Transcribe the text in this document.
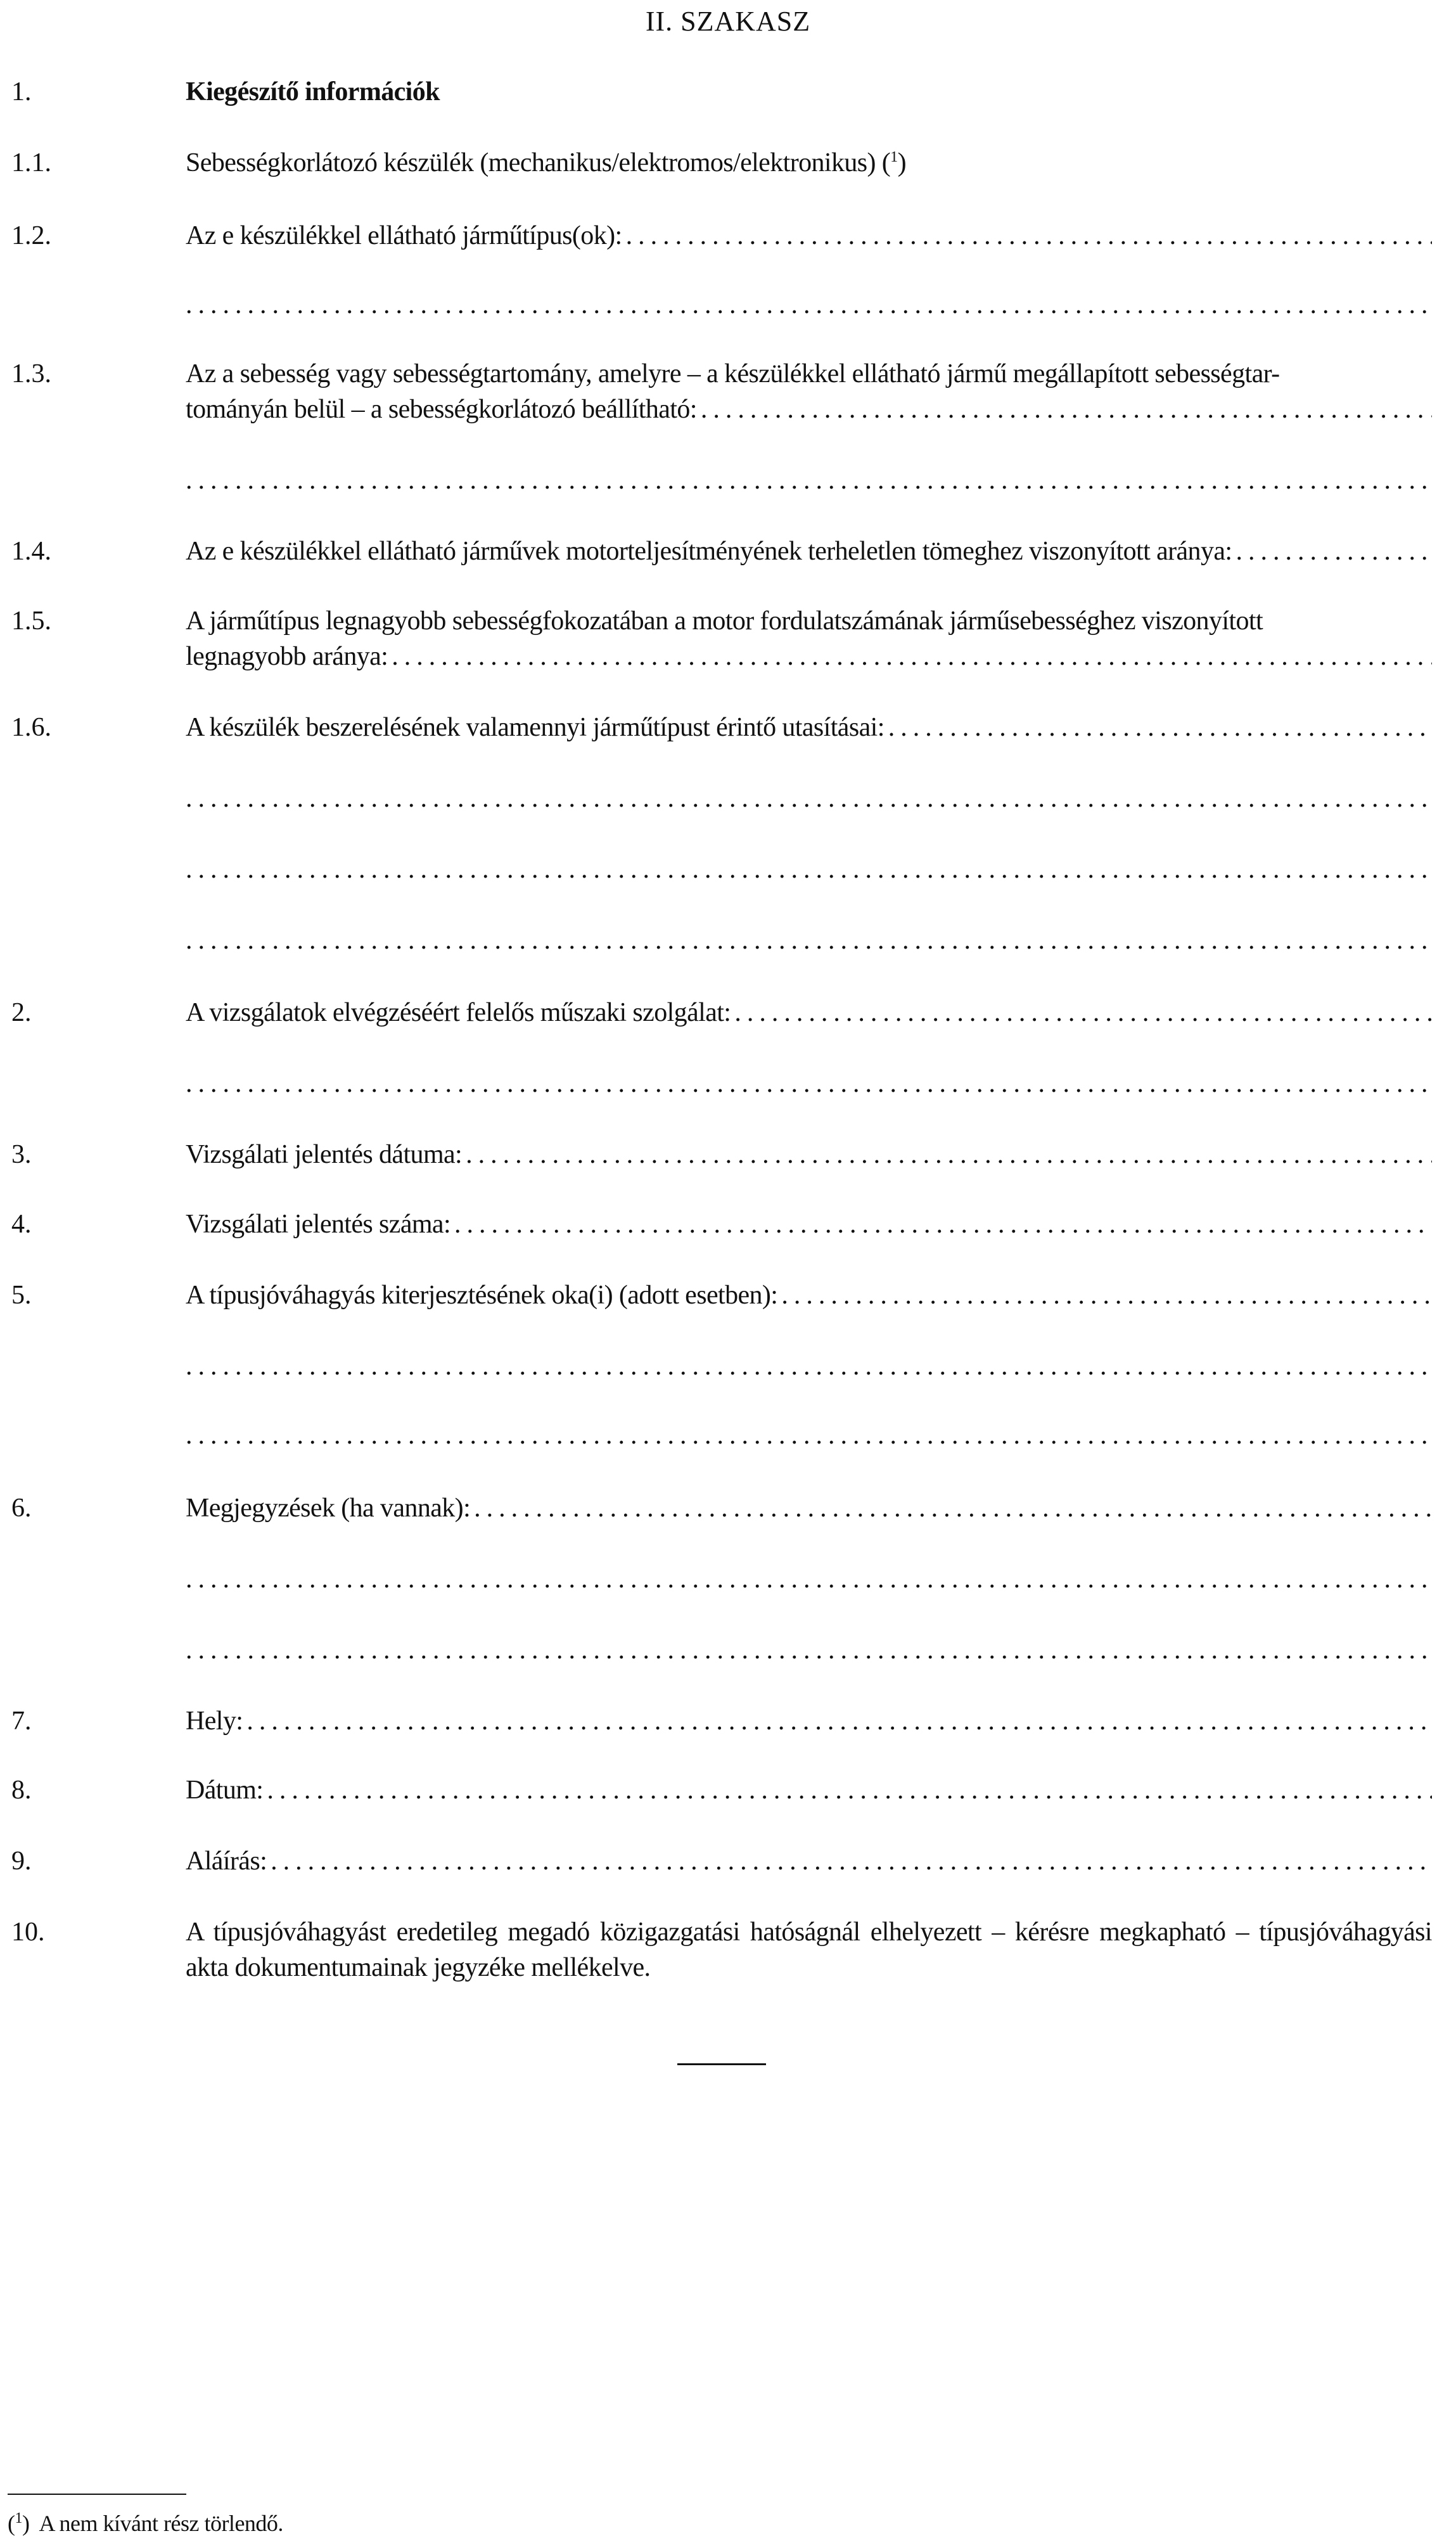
II. SZAKASZ
1.	Kiegészítő információk
1.1.	Sebességkorlátozó készülék (mechanikus/elektromos/elektronikus) ($^1$)
1.2.	Az e készülékkel ellátható járműtípus(ok):
.....
.....
1.3.	Az a sebesség vagy sebességtartomány, amelyre – a készülékkel ellátható jármű megállapított sebességtar-
tományán belül – a sebességkorlátozó beállítható:
.....
.....
1.4.	Az e készülékkel ellátható járművek motorteljesítményének terheletlen tömeghez viszonyított aránya:
.....
1.5.	A járműtípus legnagyobb sebességfokozatában a motor fordulatszámának járműsebességhez viszonyított
legnagyobb aránya:
.....
1.6.	A készülék beszerelésének valamennyi járműtípust érintő utasításai:
.....
.....
.....
.....
2.	A vizsgálatok elvégzéséért felelős műszaki szolgálat:
.....
.....
3.	Vizsgálati jelentés dátuma:
.....
4.	Vizsgálati jelentés száma:
.....
5.	A típusjóváhagyás kiterjesztésének oka(i) (adott esetben):
.....
.....
.....
6.	Megjegyzések (ha vannak):
.....
.....
.....
7.	Hely:
.....
8.	Dátum:
.....
9.	Aláírás:
.....
10.	A típusjóváhagyást eredetileg megadó közigazgatási hatóságnál elhelyezett – kérésre megkapható – típusjóváhagyási akta dokumentumainak jegyzéke mellékelve.
($^1$)  A nem kívánt rész törlendő.
